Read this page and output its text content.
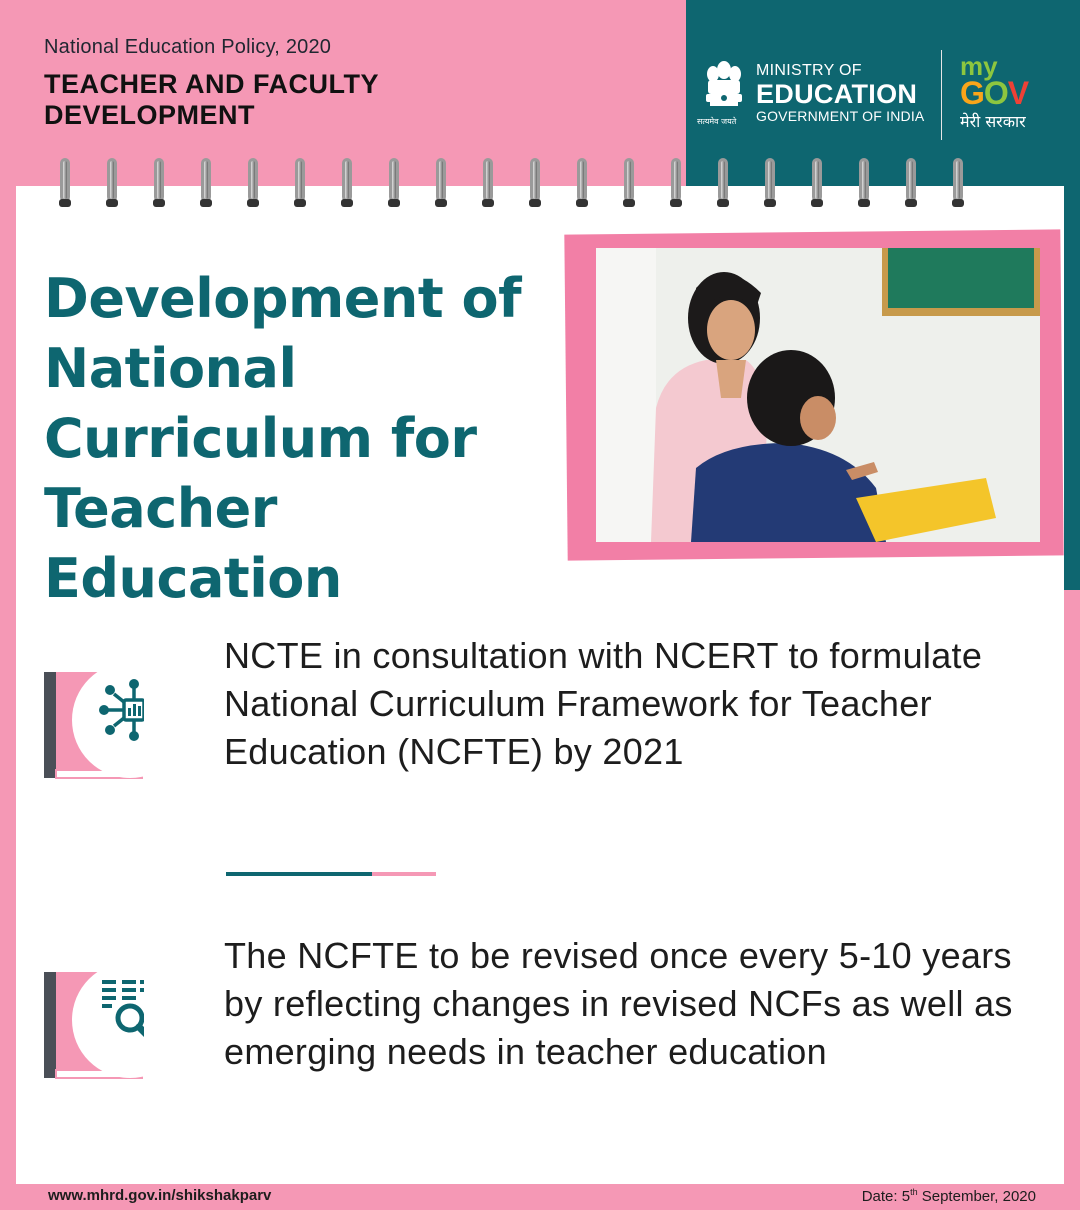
National Education Policy, 2020
TEACHER AND FACULTY DEVELOPMENT	सत्यमेव जयते
MINISTRY OF
EDUCATION
GOVERNMENT OF INDIA
my
GOV
मेरी सरकार
Development of National Curriculum for Teacher Education
NCTE in consultation with NCERT to formulate National Curriculum Framework for Teacher Education (NCFTE) by 2021
The NCFTE to be revised once every 5-10 years by reflecting changes in revised NCFs as well as emerging needs in teacher education
www.mhrd.gov.in/shikshakparv	Date: 5th September, 2020
